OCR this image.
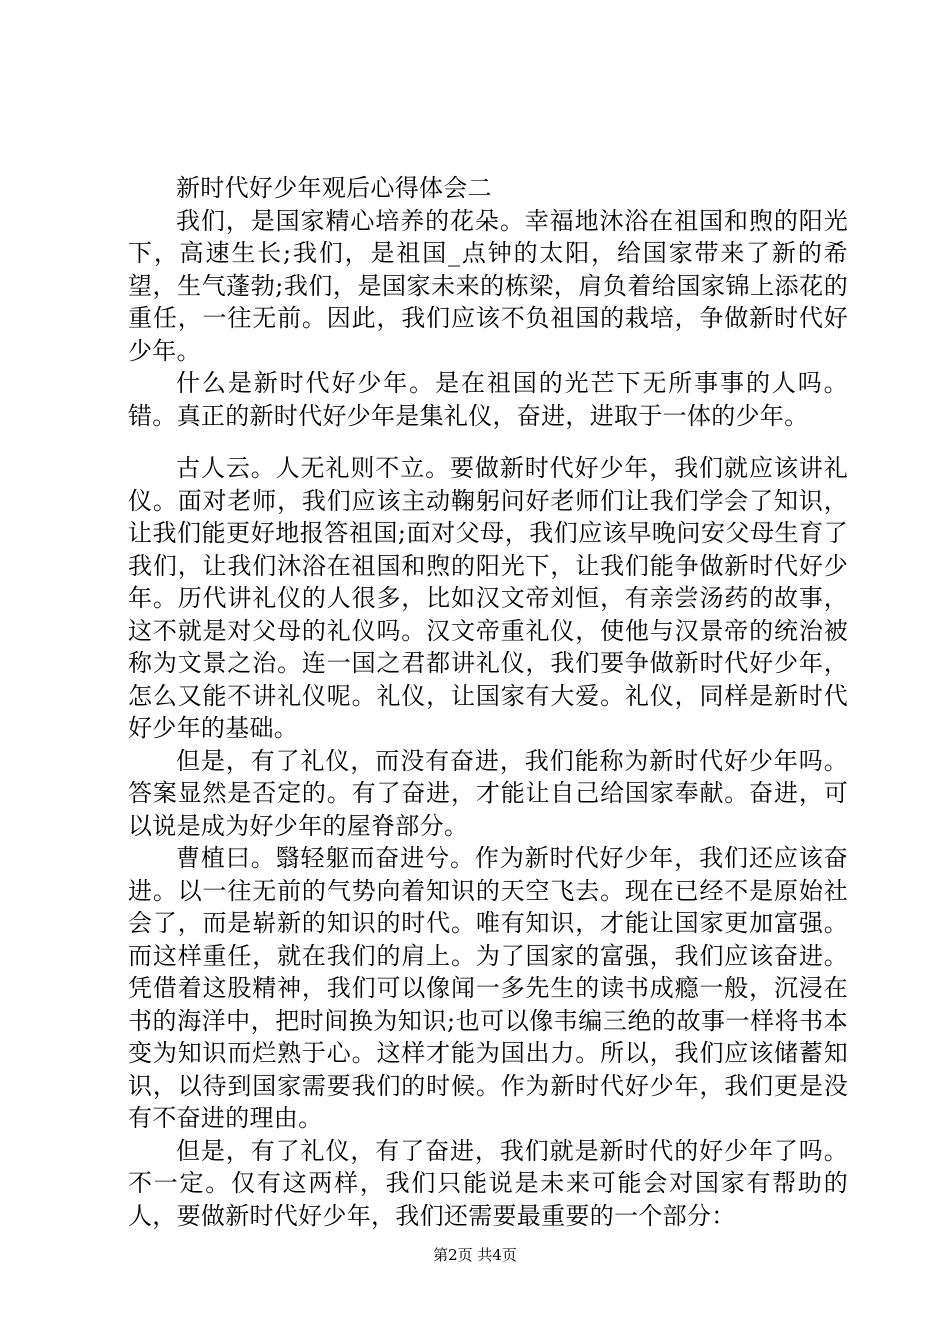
新时代好少年观后心得体会二

我们，是国家精心培养的花朵。幸福地沐浴在祖国和煦的阳光下，高速生长;我们，是祖国_点钟的太阳，给国家带来了新的希望，生气蓬勃;我们，是国家未来的栋梁，肩负着给国家锦上添花的重任，一往无前。因此，我们应该不负祖国的栽培，争做新时代好少年。

什么是新时代好少年。是在祖国的光芒下无所事事的人吗。错。真正的新时代好少年是集礼仪，奋进，进取于一体的少年。

古人云。人无礼则不立。要做新时代好少年，我们就应该讲礼仪。面对老师，我们应该主动鞠躬问好老师们让我们学会了知识，让我们能更好地报答祖国;面对父母，我们应该早晚问安父母生育了我们，让我们沐浴在祖国和煦的阳光下，让我们能争做新时代好少年。历代讲礼仪的人很多，比如汉文帝刘恒，有亲尝汤药的故事，这不就是对父母的礼仪吗。汉文帝重礼仪，使他与汉景帝的统治被称为文景之治。连一国之君都讲礼仪，我们要争做新时代好少年，怎么又能不讲礼仪呢。礼仪，让国家有大爱。礼仪，同样是新时代好少年的基础。

但是，有了礼仪，而没有奋进，我们能称为新时代好少年吗。答案显然是否定的。有了奋进，才能让自己给国家奉献。奋进，可以说是成为好少年的屋脊部分。

曹植曰。翳轻躯而奋进兮。作为新时代好少年，我们还应该奋进。以一往无前的气势向着知识的天空飞去。现在已经不是原始社会了，而是崭新的知识的时代。唯有知识，才能让国家更加富强。而这样重任，就在我们的肩上。为了国家的富强，我们应该奋进。凭借着这股精神，我们可以像闻一多先生的读书成瘾一般，沉浸在书的海洋中，把时间换为知识;也可以像韦编三绝的故事一样将书本变为知识而烂熟于心。这样才能为国出力。所以，我们应该储蓄知识，以待到国家需要我们的时候。作为新时代好少年，我们更是没有不奋进的理由。

但是，有了礼仪，有了奋进，我们就是新时代的好少年了吗。不一定。仅有这两样，我们只能说是未来可能会对国家有帮助的人，要做新时代好少年，我们还需要最重要的一个部分：

第2页 共4页
